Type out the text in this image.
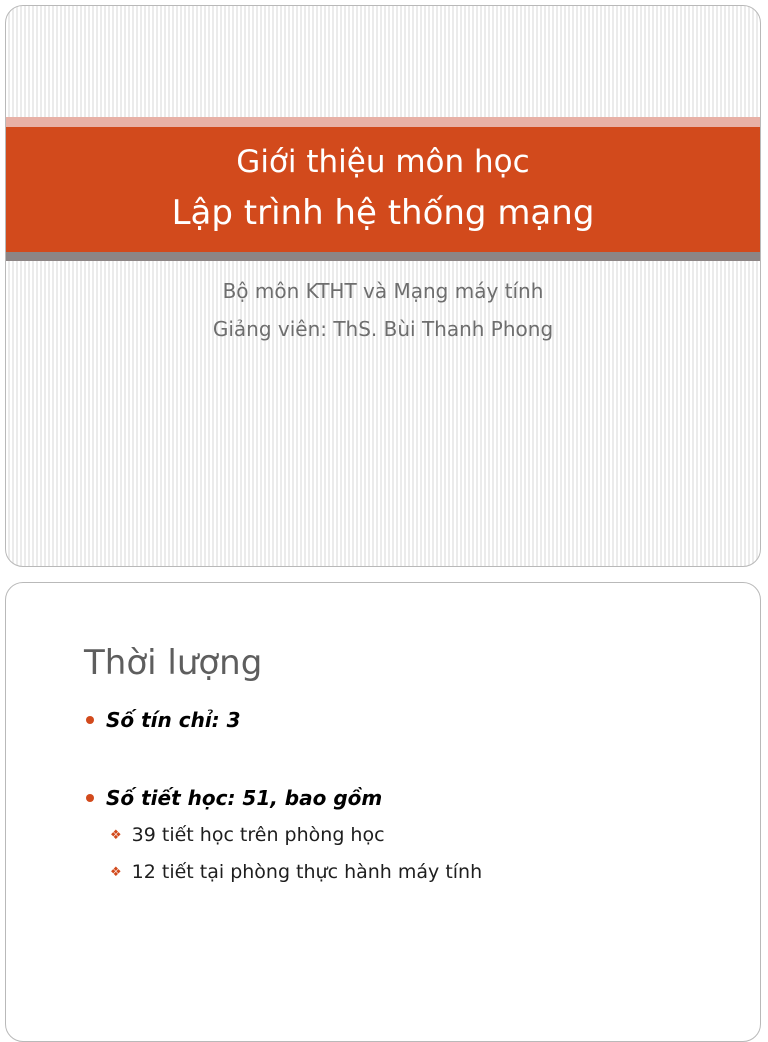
Giới thiệu môn học
Lập trình hệ thống mạng
Bộ môn KTHT và Mạng máy tính
Giảng viên: ThS. Bùi Thanh Phong
Thời lượng
Số tín chỉ: 3
Số tiết học: 51, bao gồm
❖ 39 tiết học trên phòng học
❖ 12 tiết tại phòng thực hành máy tính
